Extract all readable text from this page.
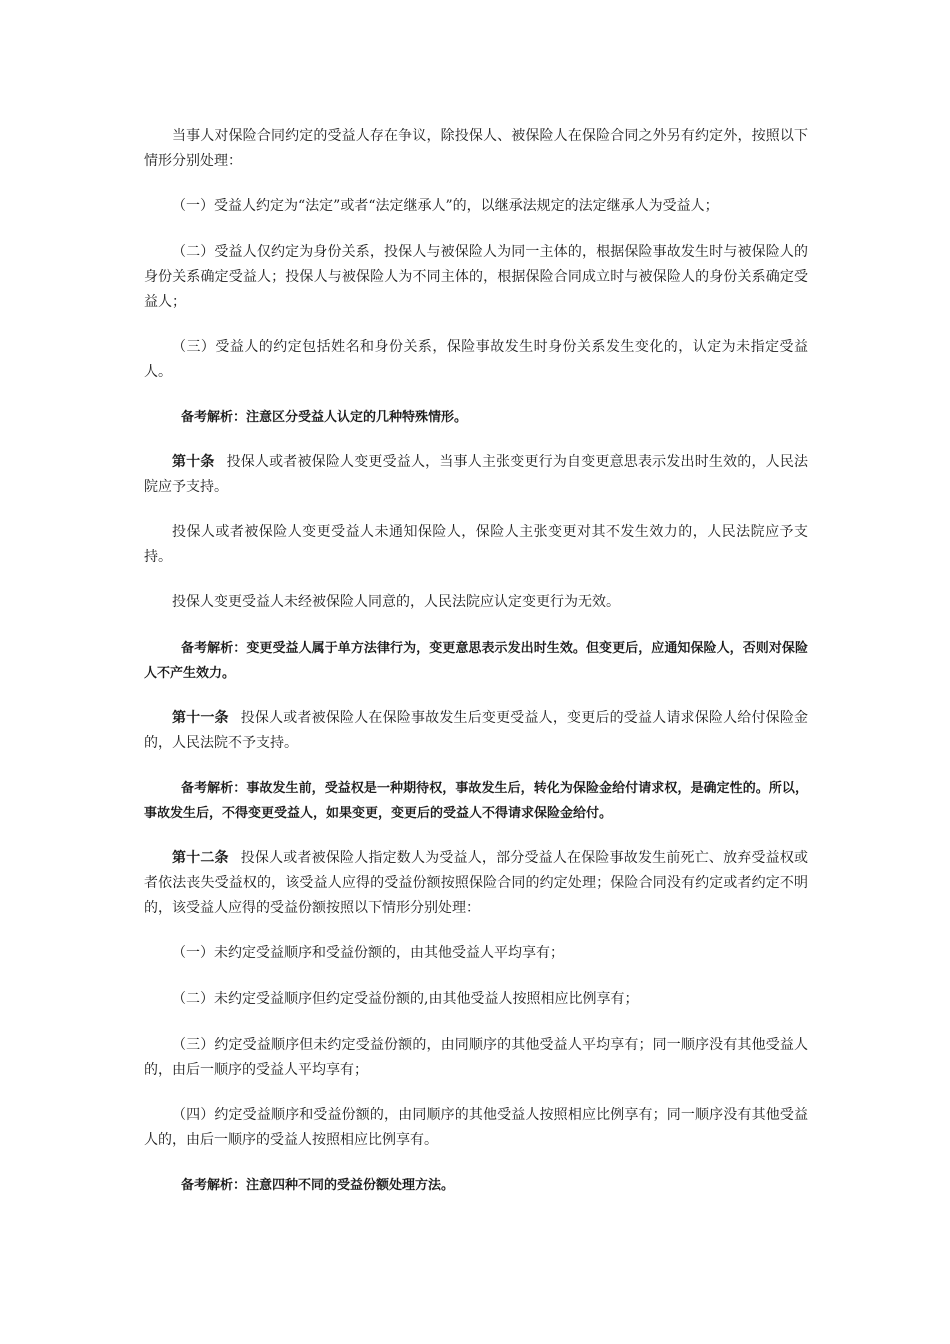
当事人对保险合同约定的受益人存在争议，除投保人、被保险人在保险合同之外另有约定外，按照以下情形分别处理：

（一）受益人约定为“法定”或者“法定继承人”的，以继承法规定的法定继承人为受益人；

（二）受益人仅约定为身份关系，投保人与被保险人为同一主体的，根据保险事故发生时与被保险人的身份关系确定受益人；投保人与被保险人为不同主体的，根据保险合同成立时与被保险人的身份关系确定受益人；

（三）受益人的约定包括姓名和身份关系，保险事故发生时身份关系发生变化的，认定为未指定受益人。

备考解析：注意区分受益人认定的几种特殊情形。

第十条 投保人或者被保险人变更受益人，当事人主张变更行为自变更意思表示发出时生效的，人民法院应予支持。

投保人或者被保险人变更受益人未通知保险人，保险人主张变更对其不发生效力的，人民法院应予支持。

投保人变更受益人未经被保险人同意的，人民法院应认定变更行为无效。

备考解析：变更受益人属于单方法律行为，变更意思表示发出时生效。但变更后，应通知保险人，否则对保险人不产生效力。

第十一条 投保人或者被保险人在保险事故发生后变更受益人，变更后的受益人请求保险人给付保险金的，人民法院不予支持。

备考解析：事故发生前，受益权是一种期待权，事故发生后，转化为保险金给付请求权，是确定性的。所以，事故发生后，不得变更受益人，如果变更，变更后的受益人不得请求保险金给付。

第十二条 投保人或者被保险人指定数人为受益人，部分受益人在保险事故发生前死亡、放弃受益权或者依法丧失受益权的，该受益人应得的受益份额按照保险合同的约定处理；保险合同没有约定或者约定不明的，该受益人应得的受益份额按照以下情形分别处理：

（一）未约定受益顺序和受益份额的，由其他受益人平均享有；

（二）未约定受益顺序但约定受益份额的,由其他受益人按照相应比例享有；

（三）约定受益顺序但未约定受益份额的，由同顺序的其他受益人平均享有；同一顺序没有其他受益人的，由后一顺序的受益人平均享有；

（四）约定受益顺序和受益份额的，由同顺序的其他受益人按照相应比例享有；同一顺序没有其他受益人的，由后一顺序的受益人按照相应比例享有。

备考解析：注意四种不同的受益份额处理方法。
